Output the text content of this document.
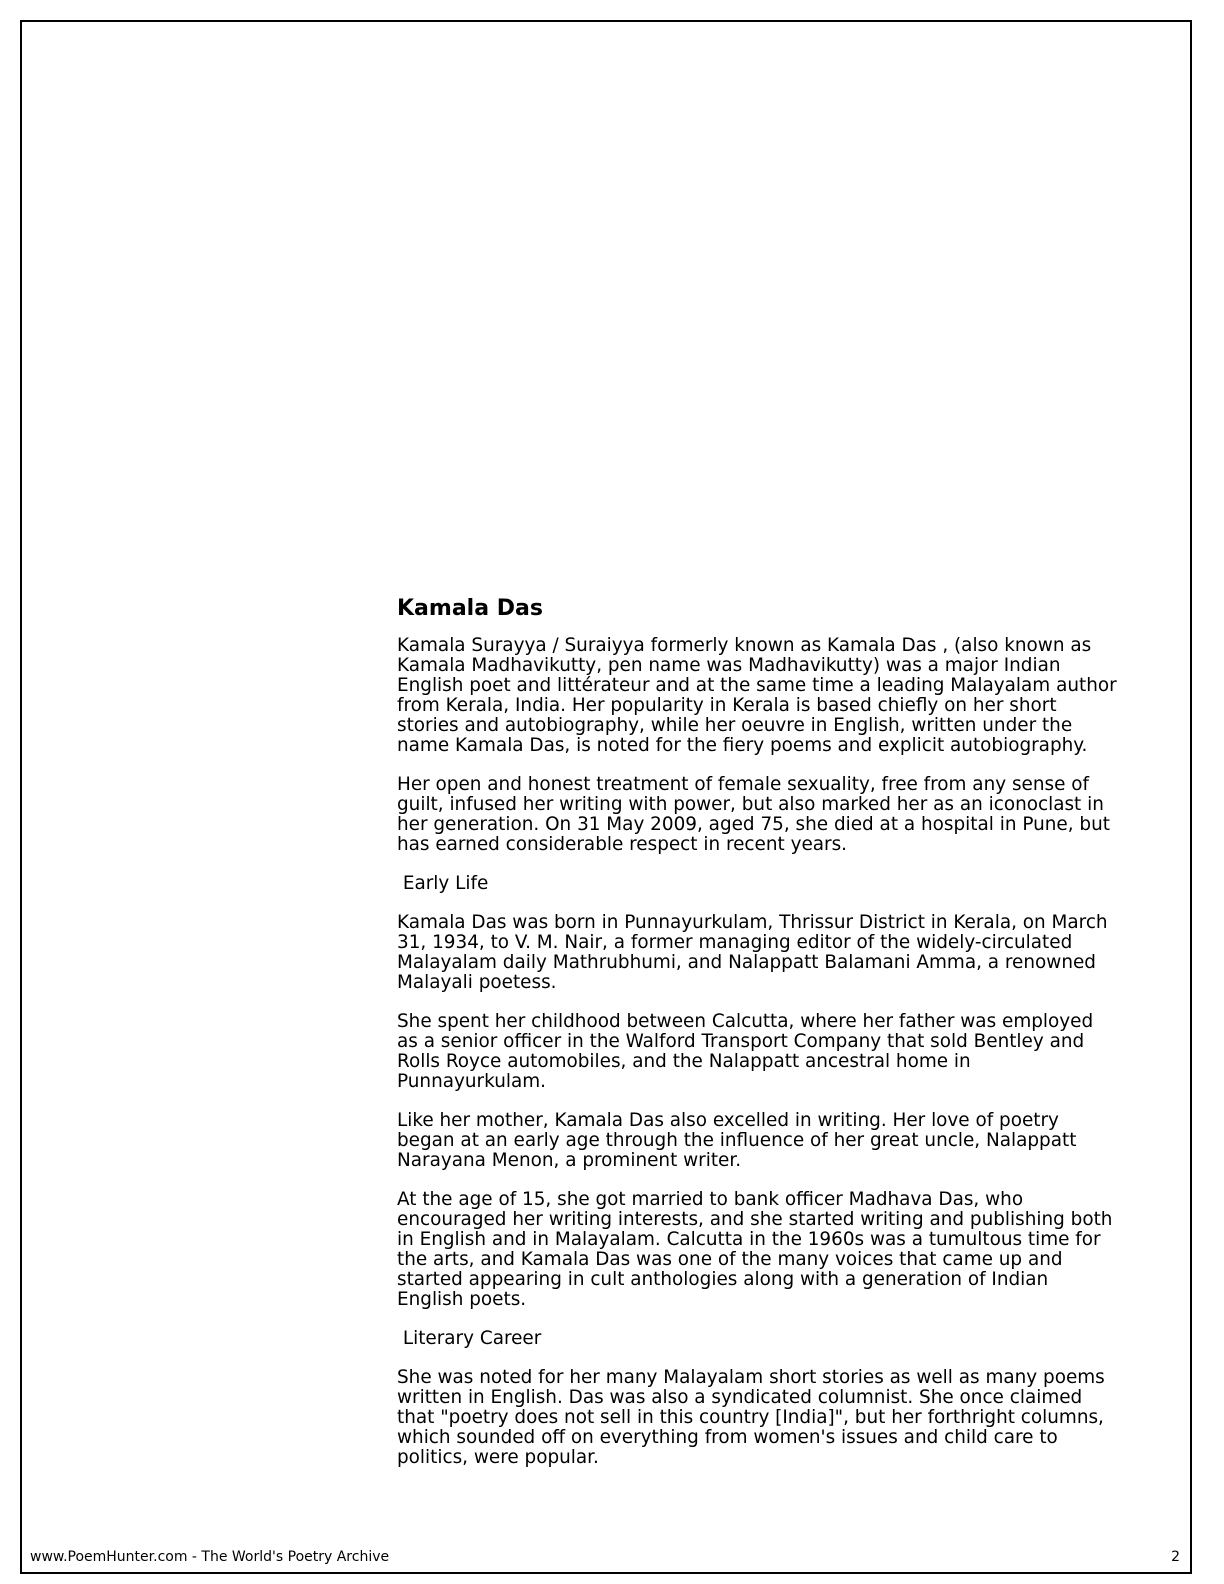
Kamala Das

Kamala Surayya / Suraiyya formerly known as Kamala Das , (also known as
Kamala Madhavikutty, pen name was Madhavikutty) was a major Indian
English poet and littérateur and at the same time a leading Malayalam author
from Kerala, India. Her popularity in Kerala is based chiefly on her short
stories and autobiography, while her oeuvre in English, written under the
name Kamala Das, is noted for the fiery poems and explicit autobiography.

Her open and honest treatment of female sexuality, free from any sense of
guilt, infused her writing with power, but also marked her as an iconoclast in
her generation. On 31 May 2009, aged 75, she died at a hospital in Pune, but
has earned considerable respect in recent years.

Early Life

Kamala Das was born in Punnayurkulam, Thrissur District in Kerala, on March
31, 1934, to V. M. Nair, a former managing editor of the widely-circulated
Malayalam daily Mathrubhumi, and Nalappatt Balamani Amma, a renowned
Malayali poetess.

She spent her childhood between Calcutta, where her father was employed
as a senior officer in the Walford Transport Company that sold Bentley and
Rolls Royce automobiles, and the Nalappatt ancestral home in
Punnayurkulam.

Like her mother, Kamala Das also excelled in writing. Her love of poetry
began at an early age through the influence of her great uncle, Nalappatt
Narayana Menon, a prominent writer.

At the age of 15, she got married to bank officer Madhava Das, who
encouraged her writing interests, and she started writing and publishing both
in English and in Malayalam. Calcutta in the 1960s was a tumultous time for
the arts, and Kamala Das was one of the many voices that came up and
started appearing in cult anthologies along with a generation of Indian
English poets.

Literary Career

She was noted for her many Malayalam short stories as well as many poems
written in English. Das was also a syndicated columnist. She once claimed
that "poetry does not sell in this country [India]", but her forthright columns,
which sounded off on everything from women's issues and child care to
politics, were popular.

www.PoemHunter.com - The World's Poetry Archive	2
